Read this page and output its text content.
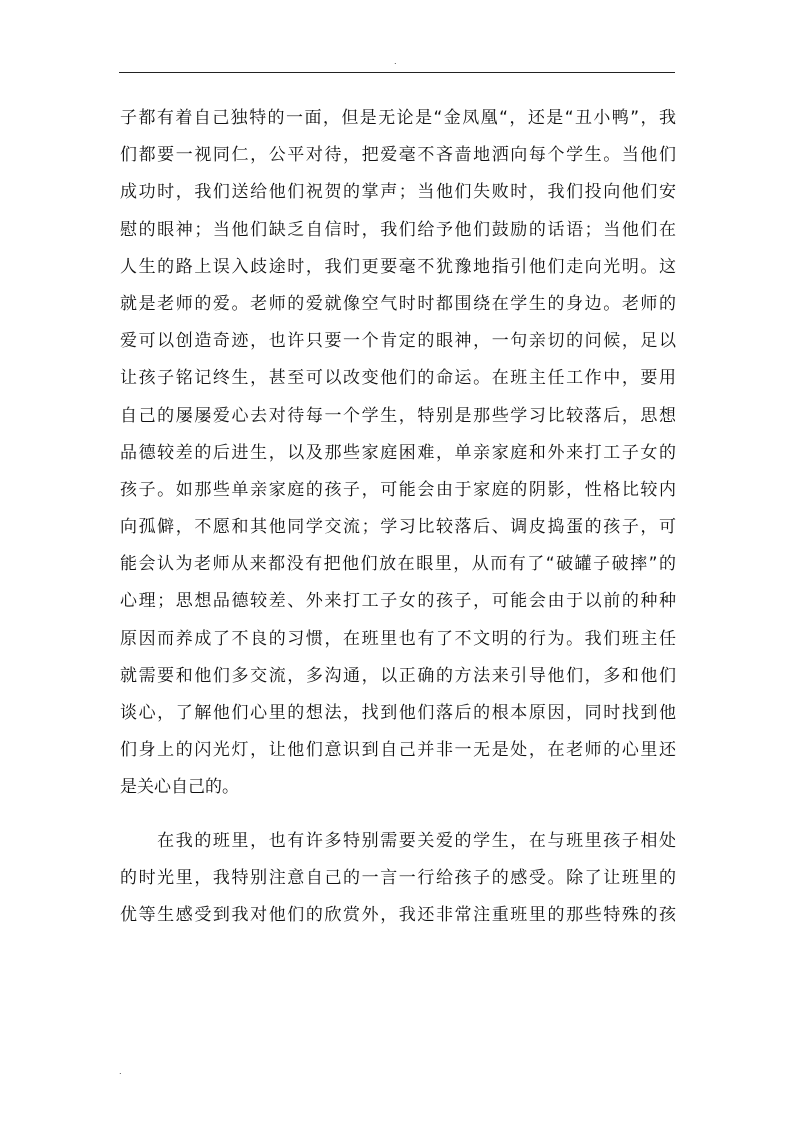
.
子都有着自己独特的一面，但是无论是“金凤凰“，还是“丑小鸭”，我
们都要一视同仁，公平对待，把爱毫不吝啬地洒向每个学生。当他们
成功时，我们送给他们祝贺的掌声；当他们失败时，我们投向他们安
慰的眼神；当他们缺乏自信时，我们给予他们鼓励的话语；当他们在
人生的路上误入歧途时，我们更要毫不犹豫地指引他们走向光明。这
就是老师的爱。老师的爱就像空气时时都围绕在学生的身边。老师的
爱可以创造奇迹，也许只要一个肯定的眼神，一句亲切的问候，足以
让孩子铭记终生，甚至可以改变他们的命运。在班主任工作中，要用
自己的屡屡爱心去对待每一个学生，特别是那些学习比较落后，思想
品德较差的后进生，以及那些家庭困难，单亲家庭和外来打工子女的
孩子。如那些单亲家庭的孩子，可能会由于家庭的阴影，性格比较内
向孤僻，不愿和其他同学交流；学习比较落后、调皮捣蛋的孩子，可
能会认为老师从来都没有把他们放在眼里，从而有了“破罐子破摔”的
心理；思想品德较差、外来打工子女的孩子，可能会由于以前的种种
原因而养成了不良的习惯，在班里也有了不文明的行为。我们班主任
就需要和他们多交流，多沟通，以正确的方法来引导他们，多和他们
谈心，了解他们心里的想法，找到他们落后的根本原因，同时找到他
们身上的闪光灯，让他们意识到自己并非一无是处，在老师的心里还
是关心自己的。
　　在我的班里，也有许多特别需要关爱的学生，在与班里孩子相处
的时光里，我特别注意自己的一言一行给孩子的感受。除了让班里的
优等生感受到我对他们的欣赏外，我还非常注重班里的那些特殊的孩
.
